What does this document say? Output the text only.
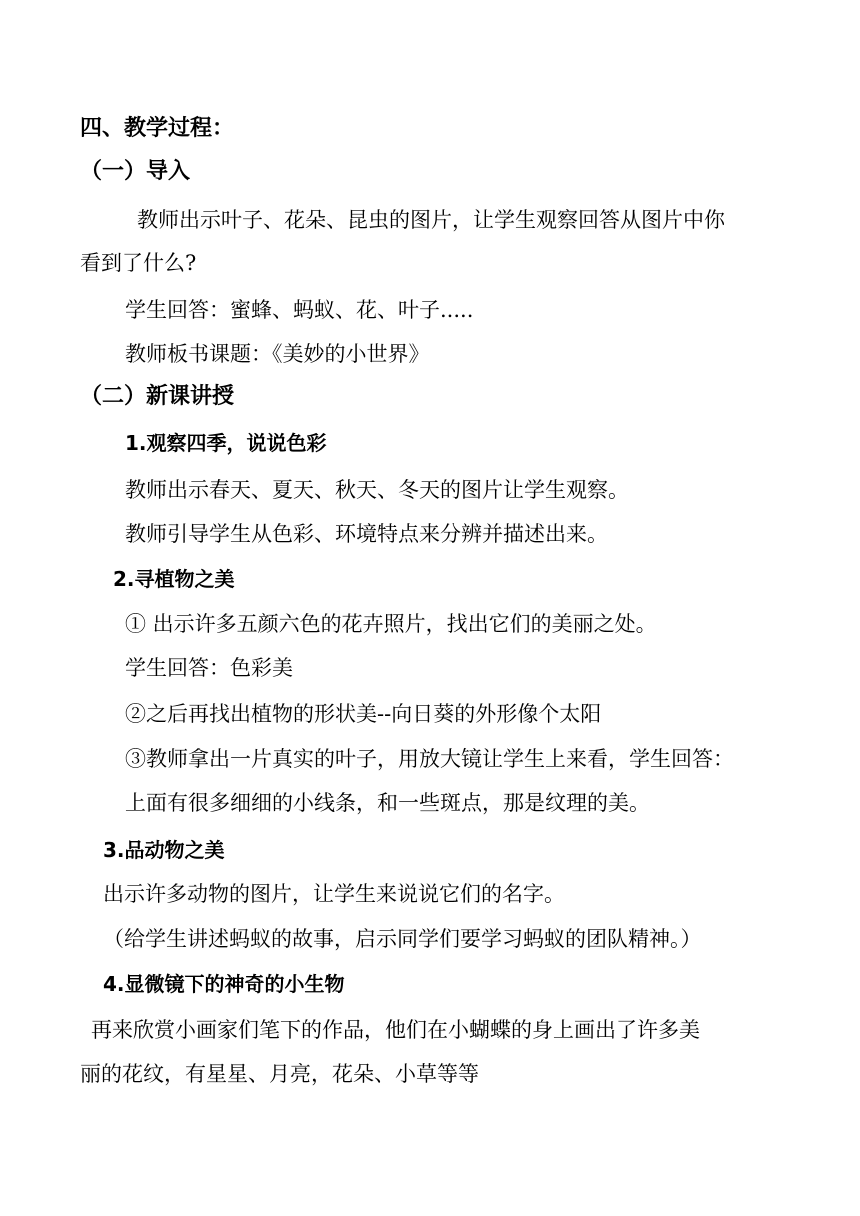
四、教学过程：
（一）导入
教师出示叶子、花朵、昆虫的图片，让学生观察回答从图片中你
看到了什么?
学生回答：蜜蜂、蚂蚁、花、叶子.....
教师板书课题：《美妙的小世界》
（二）新课讲授
1.观察四季，说说色彩
教师出示春天、夏天、秋天、冬天的图片让学生观察。
教师引导学生从色彩、环境特点来分辨并描述出来。
2.寻植物之美
① 出示许多五颜六色的花卉照片，找出它们的美丽之处。
学生回答：色彩美
②之后再找出植物的形状美--向日葵的外形像个太阳
③教师拿出一片真实的叶子，用放大镜让学生上来看，学生回答：
上面有很多细细的小线条，和一些斑点，那是纹理的美。
3.品动物之美
出示许多动物的图片，让学生来说说它们的名字。
（给学生讲述蚂蚁的故事，启示同学们要学习蚂蚁的团队精神。）
4.显微镜下的神奇的小生物
再来欣赏小画家们笔下的作品，他们在小蝴蝶的身上画出了许多美
丽的花纹，有星星、月亮，花朵、小草等等
